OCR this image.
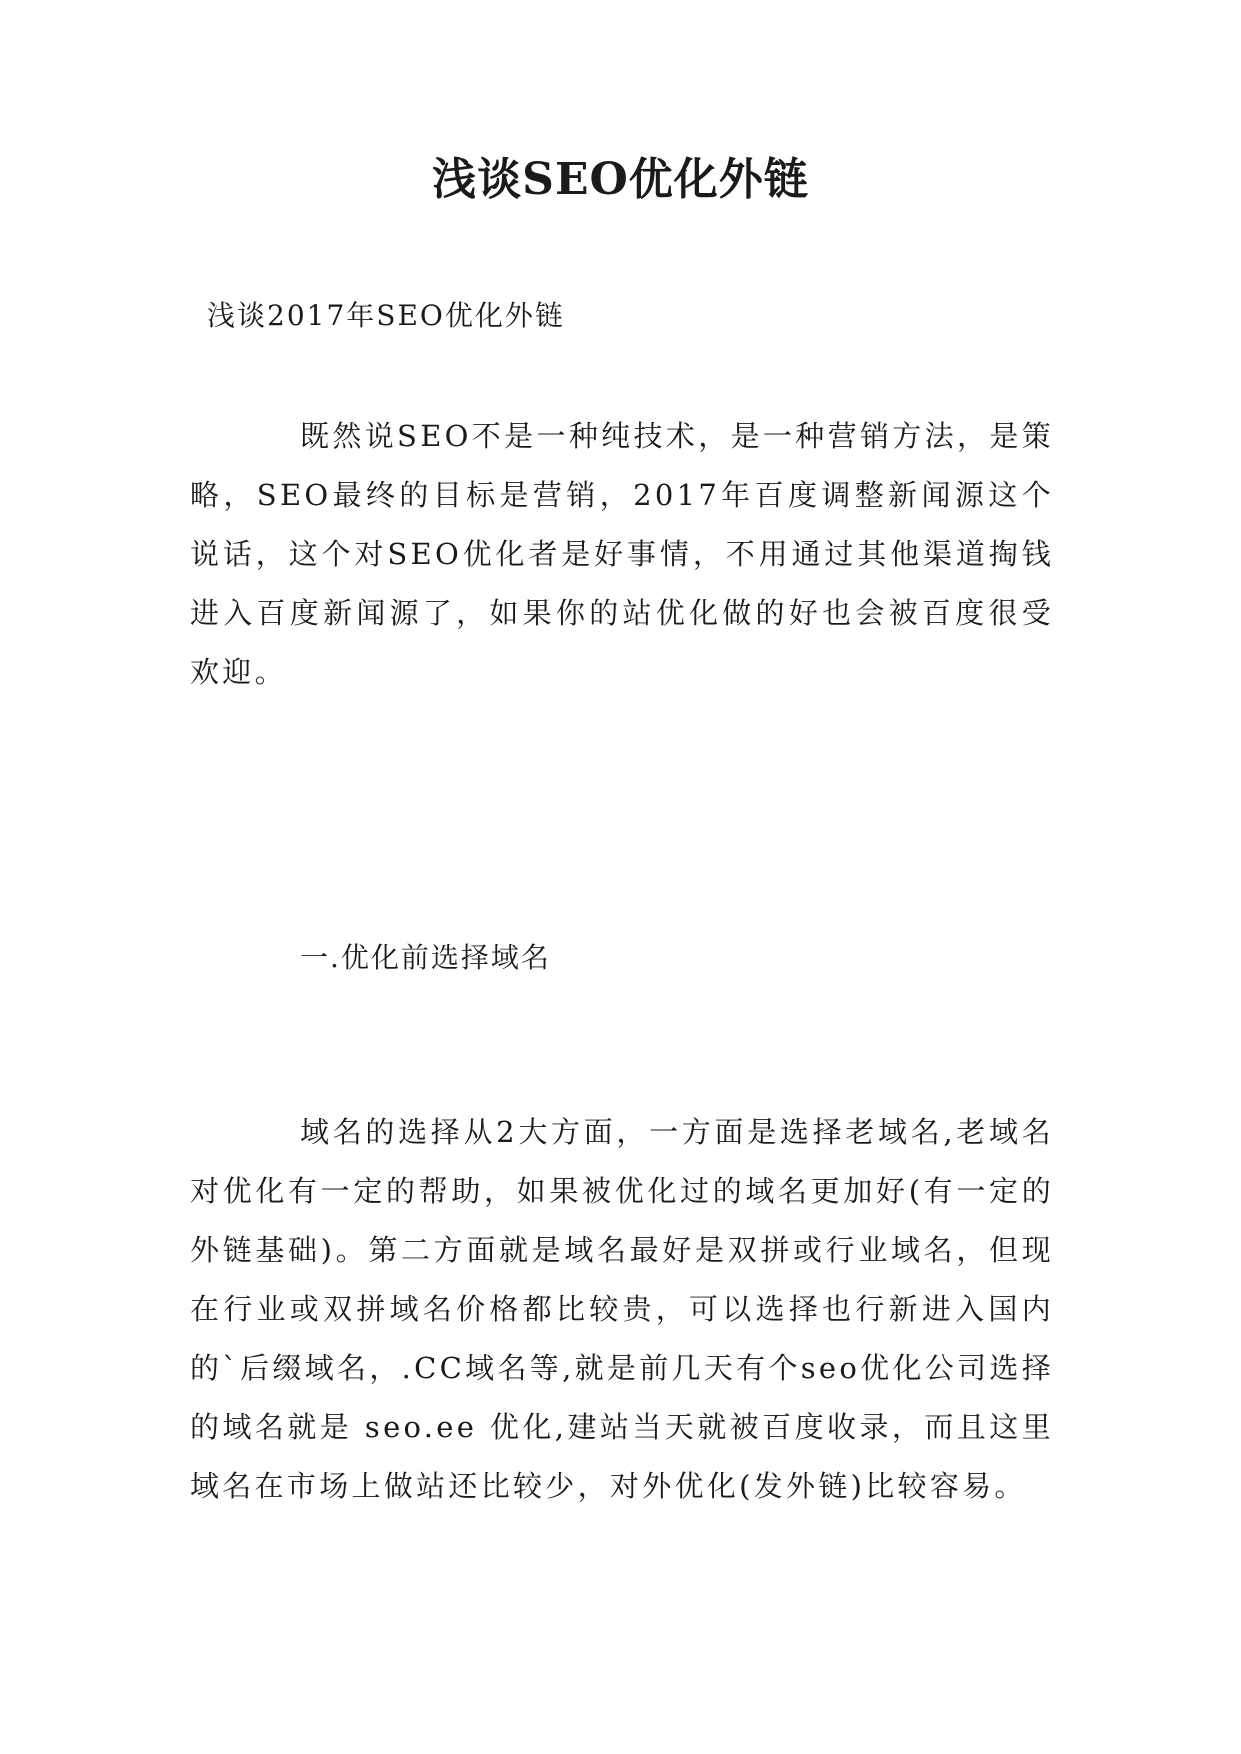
浅谈SEO优化外链
浅谈2017年SEO优化外链

既然说SEO不是一种纯技术，是一种营销方法，是策略，SEO最终的目标是营销，2017年百度调整新闻源这个说话，这个对SEO优化者是好事情，不用通过其他渠道掏钱进入百度新闻源了，如果你的站优化做的好也会被百度很受欢迎。

一.优化前选择域名

域名的选择从2大方面，一方面是选择老域名,老域名对优化有一定的帮助，如果被优化过的域名更加好(有一定的外链基础)。第二方面就是域名最好是双拼或行业域名，但现在行业或双拼域名价格都比较贵，可以选择也行新进入国内的`后缀域名，.CC域名等,就是前几天有个seo优化公司选择的域名就是 seo.ee 优化,建站当天就被百度收录，而且这里域名在市场上做站还比较少，对外优化(发外链)比较容易。
